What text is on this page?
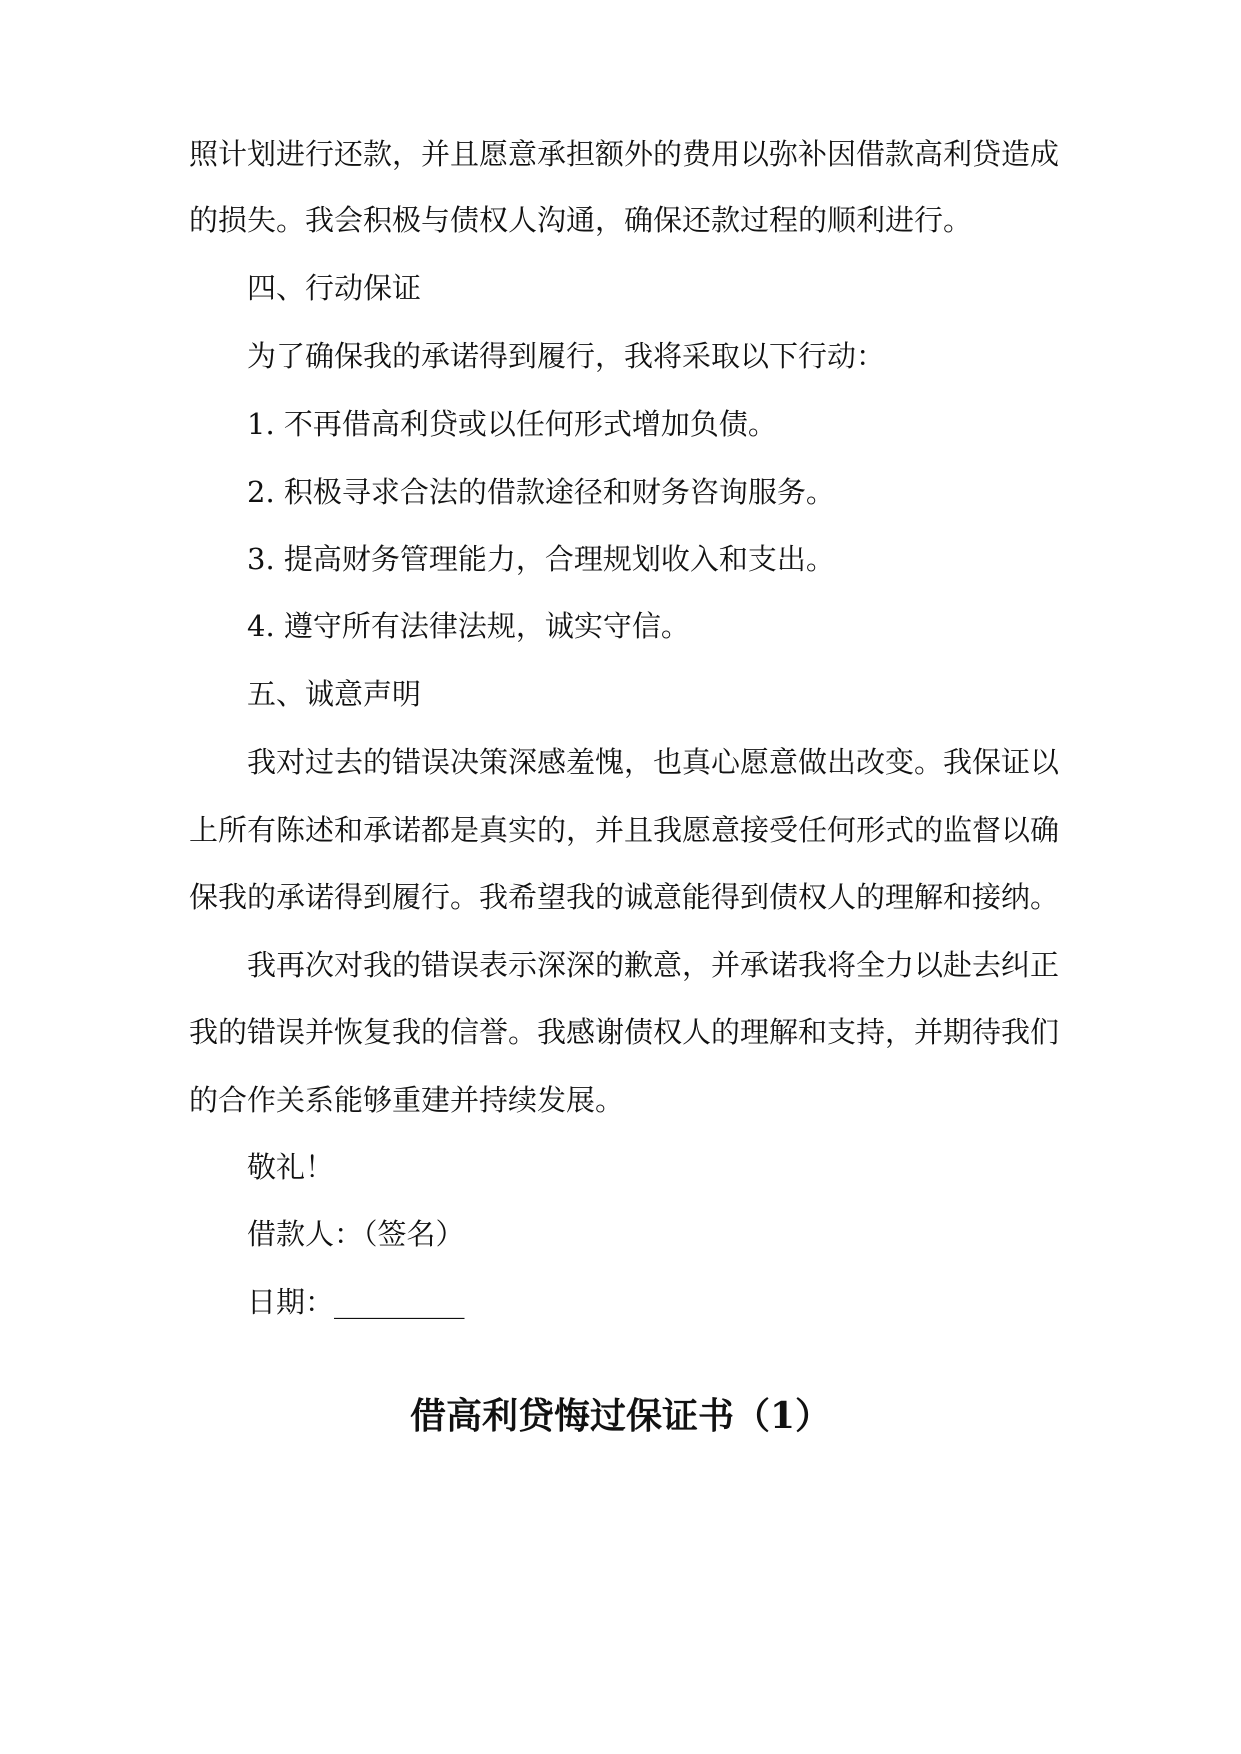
照计划进行还款，并且愿意承担额外的费用以弥补因借款高利贷造成
的损失。我会积极与债权人沟通，确保还款过程的顺利进行。
四、行动保证
为了确保我的承诺得到履行，我将采取以下行动：
1. 不再借高利贷或以任何形式增加负债。
2. 积极寻求合法的借款途径和财务咨询服务。
3. 提高财务管理能力，合理规划收入和支出。
4. 遵守所有法律法规，诚实守信。
五、诚意声明
我对过去的错误决策深感羞愧，也真心愿意做出改变。我保证以
上所有陈述和承诺都是真实的，并且我愿意接受任何形式的监督以确
保我的承诺得到履行。我希望我的诚意能得到债权人的理解和接纳。
我再次对我的错误表示深深的歉意，并承诺我将全力以赴去纠正
我的错误并恢复我的信誉。我感谢债权人的理解和支持，并期待我们
的合作关系能够重建并持续发展。
敬礼！
借款人：（签名）
日期：_________
借高利贷悔过保证书（1）
